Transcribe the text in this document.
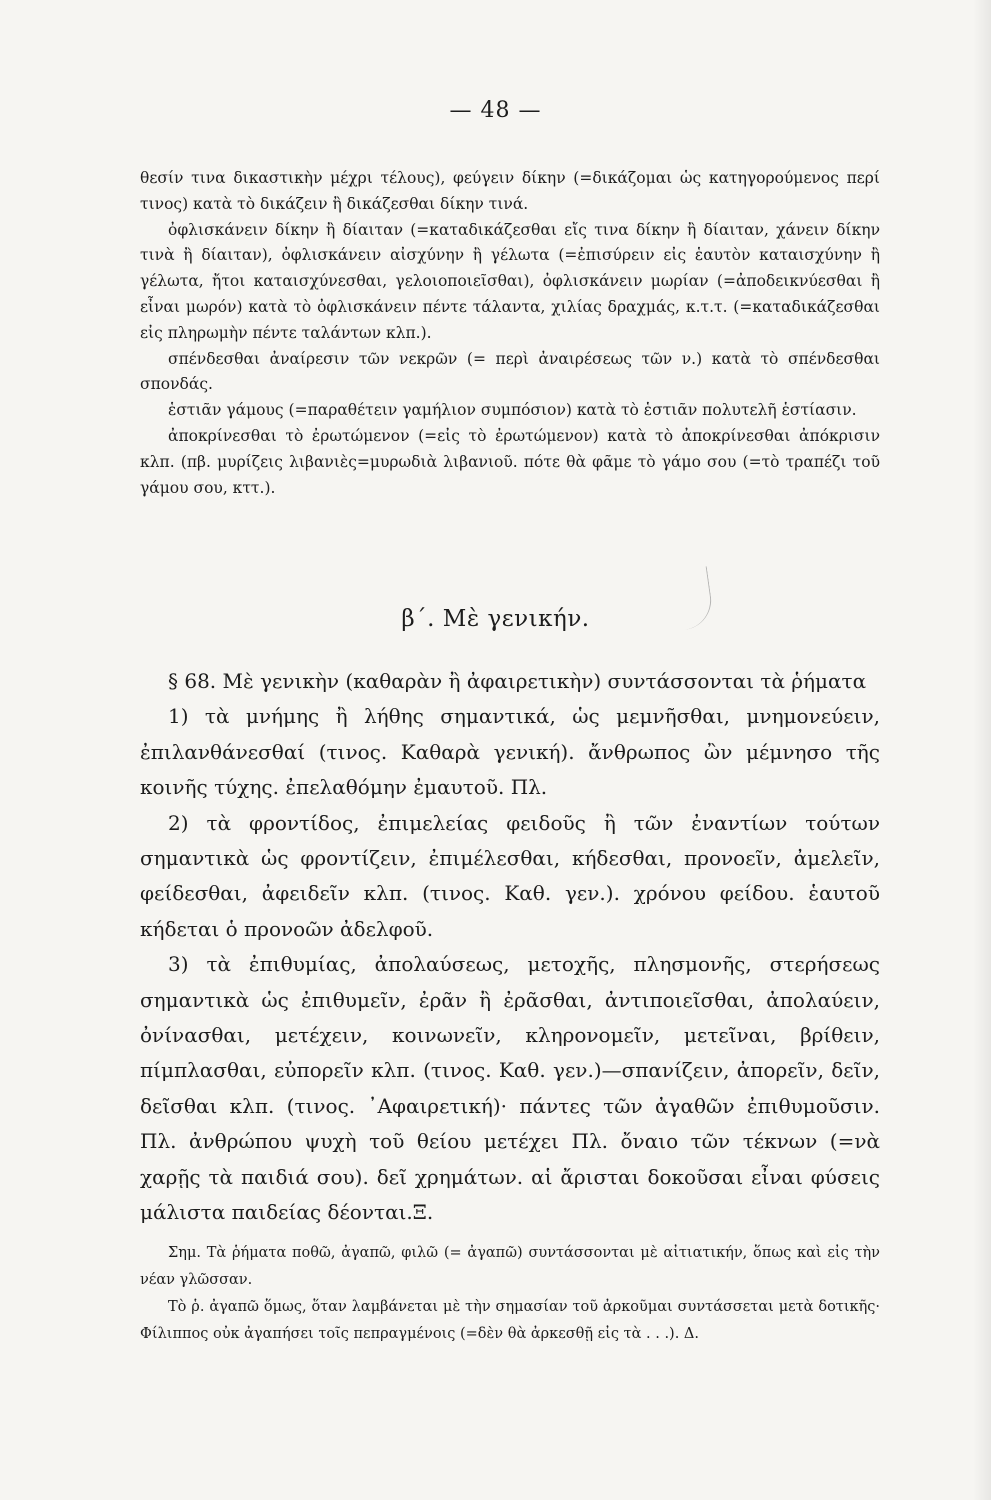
— 48 —

θεσίν τινα δικαστικὴν μέχρι τέλους), φεύγειν δίκην (=δικάζομαι ὡς κατηγορούμενος περί τινος) κατὰ τὸ δικάζειν ἢ δικάζεσθαι δίκην τινά.

ὀφλισκάνειν δίκην ἢ δίαιταν (=καταδικάζεσθαι εἴς τινα δίκην ἢ δίαιταν, χάνειν δίκην τινὰ ἢ δίαιταν), ὀφλισκάνειν αἰσχύνην ἢ γέλωτα (=ἐπισύρειν εἰς ἑαυτὸν καταισχύνην ἢ γέλωτα, ἤτοι καταισχύνεσθαι, γελοιοποιεῖσθαι), ὀφλισκάνειν μωρίαν (=ἀποδεικνύεσθαι ἢ εἶναι μωρόν) κατὰ τὸ ὀφλισκάνειν πέντε τάλαντα, χιλίας δραχμάς, κ.τ.τ. (=καταδικάζεσθαι εἰς πληρωμὴν πέντε ταλάντων κλπ.).

σπένδεσθαι ἀναίρεσιν τῶν νεκρῶν (= περὶ ἀναιρέσεως τῶν ν.) κατὰ τὸ σπένδεσθαι σπονδάς.

ἑστιᾶν γάμους (=παραθέτειν γαμήλιον συμπόσιον) κατὰ τὸ ἑστιᾶν πολυτελῆ ἑστίασιν.

ἀποκρίνεσθαι τὸ ἐρωτώμενον (=εἰς τὸ ἐρωτώμενον) κατὰ τὸ ἀποκρίνεσθαι ἀπόκρισιν κλπ. (πβ. μυρίζεις λιβανιὲς=μυρωδιὰ λιβανιοῦ. πότε θὰ φᾶμε τὸ γάμο σου (=τὸ τραπέζι τοῦ γάμου σου, κττ.).

β΄. Μὲ γενικήν.

§ 68. Μὲ γενικὴν (καθαρὰν ἢ ἀφαιρετικὴν) συντάσσονται τὰ ῥήματα

1) τὰ μνήμης ἢ λήθης σημαντικά, ὡς μεμνῆσθαι, μνημονεύειν, ἐπιλανθάνεσθαί (τινος. Καθαρὰ γενική). ἄνθρωπος ὢν μέμνησο τῆς κοινῆς τύχης. ἐπελαθόμην ἐμαυτοῦ. Πλ.

2) τὰ φροντίδος, ἐπιμελείας φειδοῦς ἢ τῶν ἐναντίων τούτων σημαντικὰ ὡς φροντίζειν, ἐπιμέλεσθαι, κήδεσθαι, προνοεῖν, ἀμελεῖν, φείδεσθαι, ἀφειδεῖν κλπ. (τινος. Καθ. γεν.). χρόνου φείδου. ἑαυτοῦ κήδεται ὁ προνοῶν ἀδελφοῦ.

3) τὰ ἐπιθυμίας, ἀπολαύσεως, μετοχῆς, πλησμονῆς, στερήσεως σημαντικὰ ὡς ἐπιθυμεῖν, ἐρᾶν ἢ ἐρᾶσθαι, ἀντιποιεῖσθαι, ἀπολαύειν, ὀνίνασθαι, μετέχειν, κοινωνεῖν, κληρονομεῖν, μετεῖναι, βρίθειν, πίμπλασθαι, εὐπορεῖν κλπ. (τινος. Καθ. γεν.)—σπανίζειν, ἀπορεῖν, δεῖν, δεῖσθαι κλπ. (τινος. ᾿Αφαιρετική)· πάντες τῶν ἀγαθῶν ἐπιθυμοῦσιν. Πλ. ἀνθρώπου ψυχὴ τοῦ θείου μετέχει Πλ. ὄναιο τῶν τέκνων (=νὰ χαρῇς τὰ παιδιά σου). δεῖ χρημάτων. αἱ ἄρισται δοκοῦσαι εἶναι φύσεις μάλιστα παιδείας δέονται.Ξ.

Σημ. Τὰ ῥήματα ποθῶ, ἀγαπῶ, φιλῶ (= ἀγαπῶ) συντάσσονται μὲ αἰτιατικήν, ὅπως καὶ εἰς τὴν νέαν γλῶσσαν.

Τὸ ῥ. ἀγαπῶ ὅμως, ὅταν λαμβάνεται μὲ τὴν σημασίαν τοῦ ἀρκοῦμαι συντάσσεται μετὰ δοτικῆς· Φίλιππος οὐκ ἀγαπήσει τοῖς πεπραγμένοις (=δὲν θὰ ἀρκεσθῇ εἰς τὰ . . .). Δ.
